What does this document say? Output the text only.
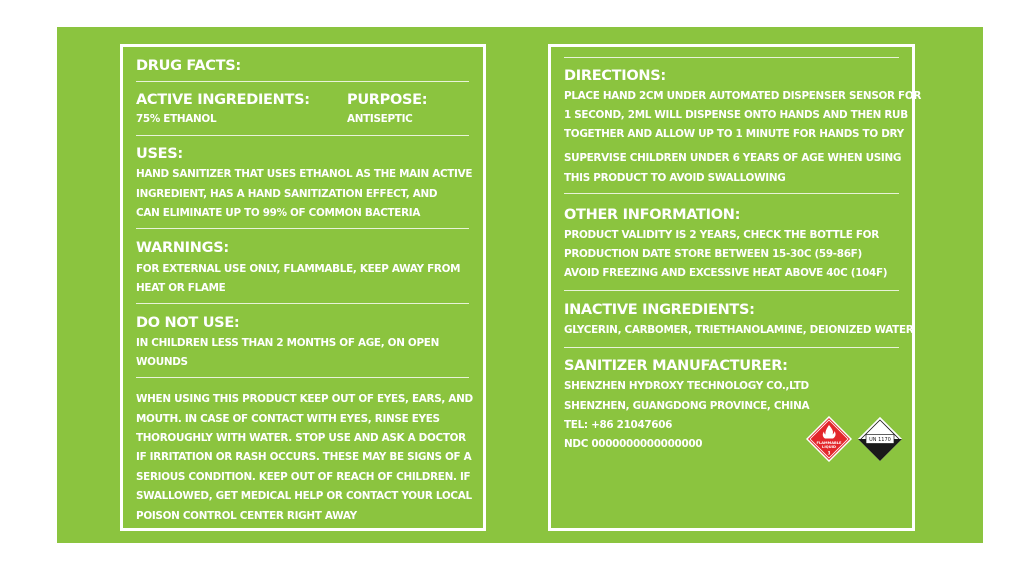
DRUG FACTS:
ACTIVE INGREDIENTS:
75% ETHANOL
PURPOSE:
ANTISEPTIC
USES:
HAND SANITIZER THAT USES ETHANOL AS THE MAIN ACTIVE
INGREDIENT, HAS A HAND SANITIZATION EFFECT, AND
CAN ELIMINATE UP TO 99% OF COMMON BACTERIA
WARNINGS:
FOR EXTERNAL USE ONLY, FLAMMABLE, KEEP AWAY FROM
HEAT OR FLAME
DO NOT USE:
IN CHILDREN LESS THAN 2 MONTHS OF AGE, ON OPEN
WOUNDS
WHEN USING THIS PRODUCT KEEP OUT OF EYES, EARS, AND
MOUTH. IN CASE OF CONTACT WITH EYES, RINSE EYES
THOROUGHLY WITH WATER. STOP USE AND ASK A DOCTOR
IF IRRITATION OR RASH OCCURS. THESE MAY BE SIGNS OF A
SERIOUS CONDITION. KEEP OUT OF REACH OF CHILDREN. IF
SWALLOWED, GET MEDICAL HELP OR CONTACT YOUR LOCAL
POISON CONTROL CENTER RIGHT AWAY
DIRECTIONS:
PLACE HAND 2CM UNDER AUTOMATED DISPENSER SENSOR FOR
1 SECOND, 2ML WILL DISPENSE ONTO HANDS AND THEN RUB
TOGETHER AND ALLOW UP TO 1 MINUTE FOR HANDS TO DRY
SUPERVISE CHILDREN UNDER 6 YEARS OF AGE WHEN USING
THIS PRODUCT TO AVOID SWALLOWING
OTHER INFORMATION:
PRODUCT VALIDITY IS 2 YEARS, CHECK THE BOTTLE FOR
PRODUCTION DATE STORE BETWEEN 15-30C (59-86F)
AVOID FREEZING AND EXCESSIVE HEAT ABOVE 40C (104F)
INACTIVE INGREDIENTS:
GLYCERIN, CARBOMER, TRIETHANOLAMINE, DEIONIZED WATER
SANITIZER MANUFACTURER:
SHENZHEN HYDROXY TECHNOLOGY CO.,LTD
SHENZHEN, GUANGDONG PROVINCE, CHINA
TEL: +86 21047606
NDC 0000000000000000	FLAMMABLE
LIQUID
3
UN 1170
